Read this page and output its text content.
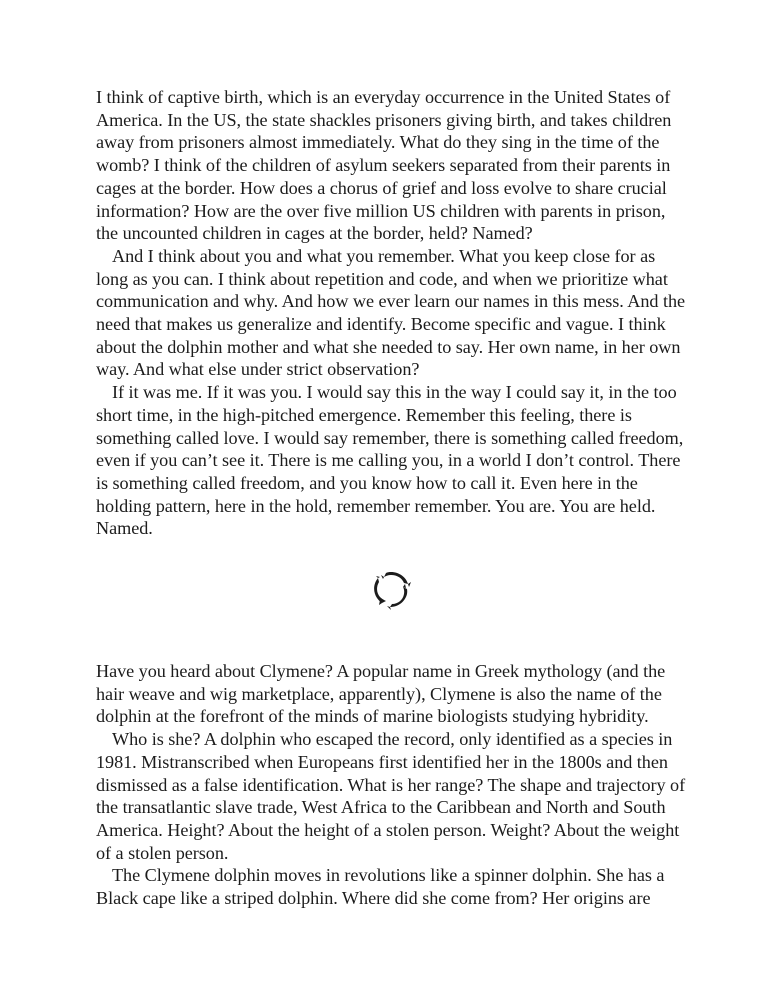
I think of captive birth, which is an everyday occurrence in the United States of America. In the US, the state shackles prisoners giving birth, and takes children away from prisoners almost immediately. What do they sing in the time of the womb? I think of the children of asylum seekers separated from their parents in cages at the border. How does a chorus of grief and loss evolve to share crucial information? How are the over five million US children with parents in prison, the uncounted children in cages at the border, held? Named?

And I think about you and what you remember. What you keep close for as long as you can. I think about repetition and code, and when we prioritize what communication and why. And how we ever learn our names in this mess. And the need that makes us generalize and identify. Become specific and vague. I think about the dolphin mother and what she needed to say. Her own name, in her own way. And what else under strict observation?

If it was me. If it was you. I would say this in the way I could say it, in the too short time, in the high-pitched emergence. Remember this feeling, there is something called love. I would say remember, there is something called freedom, even if you can’t see it. There is me calling you, in a world I don’t control. There is something called freedom, and you know how to call it. Even here in the holding pattern, here in the hold, remember remember. You are. You are held. Named.

Have you heard about Clymene? A popular name in Greek mythology (and the hair weave and wig marketplace, apparently), Clymene is also the name of the dolphin at the forefront of the minds of marine biologists studying hybridity.

Who is she? A dolphin who escaped the record, only identified as a species in 1981. Mistranscribed when Europeans first identified her in the 1800s and then dismissed as a false identification. What is her range? The shape and trajectory of the transatlantic slave trade, West Africa to the Caribbean and North and South America. Height? About the height of a stolen person. Weight? About the weight of a stolen person.

The Clymene dolphin moves in revolutions like a spinner dolphin. She has a Black cape like a striped dolphin. Where did she come from? Her origins are
